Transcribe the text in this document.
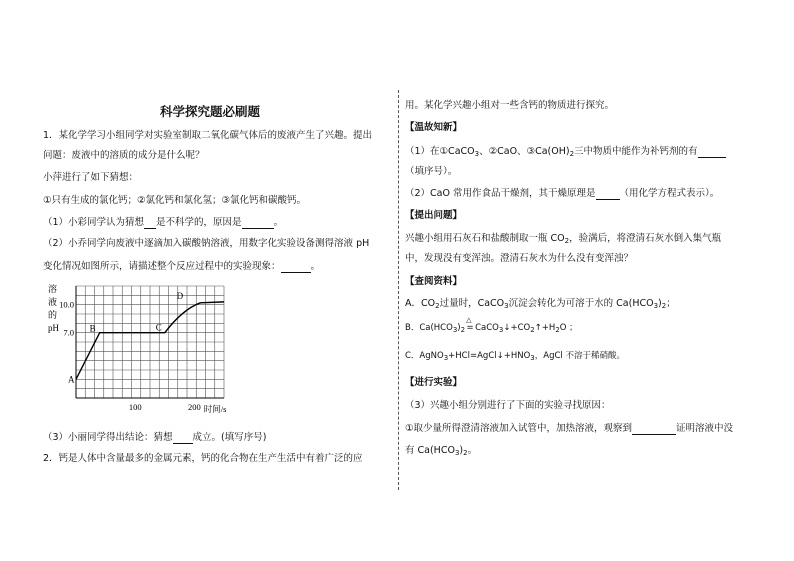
科学探究题必刷题
1．某化学学习小组同学对实验室制取二氧化碳气体后的废液产生了兴趣。提出
问题：废液中的溶质的成分是什么呢？
小萍进行了如下猜想：
①只有生成的氯化钙；②氯化钙和氯化氢；③氯化钙和碳酸钙。
（1）小彩同学认为猜想 是不科学的，原因是	。
（2）小乔同学向废液中逐滴加入碳酸钠溶液，用数字化实验设备测得溶液 pH
变化情况如图所示，请描述整个反应过程中的实验现象：	。
溶
液
的
pH
10.0
7.0
100	200 时间/s
A
B	C
D
（3）小丽同学得出结论：猜想 成立。(填写序号)
2．钙是人体中含量最多的金属元素，钙的化合物在生产生活中有着广泛的应
用。某化学兴趣小组对一些含钙的物质进行探究。
【温故知新】
（1）在①CaCO$_3$、②CaO、$③Ca(OH)_2$三中物质中能作为补钙剂的有
（填序号）。
（2）CaO 常用作食品干燥剂，其干燥原理是	（用化学方程式表示）。
【提出问题】
兴趣小组用石灰石和盐酸制取一瓶 $CO_2$，验满后，将澄清石灰水倒入集气瓶
中，发现没有变浑浊。澄清石灰水为什么没有变浑浊？
【查阅资料】
A．$CO_2$过量时，CaCO$_3$沉淀会转化为可溶于水的 $Ca(HCO_3)_2$；
B．$Ca(HCO_3)_2$
△
$=CaCO_3↓+CO_2↑+H_2O$ ；
C．$AgNO_3+HCl=AgCl↓+HNO_3$，AgCl 不溶于稀硝酸。
【进行实验】
（3）兴趣小组分别进行了下面的实验寻找原因：
①取少量所得澄清溶液加入试管中，加热溶液，观察到	证明溶液中没
有 $Ca(HCO_3)_2$。
